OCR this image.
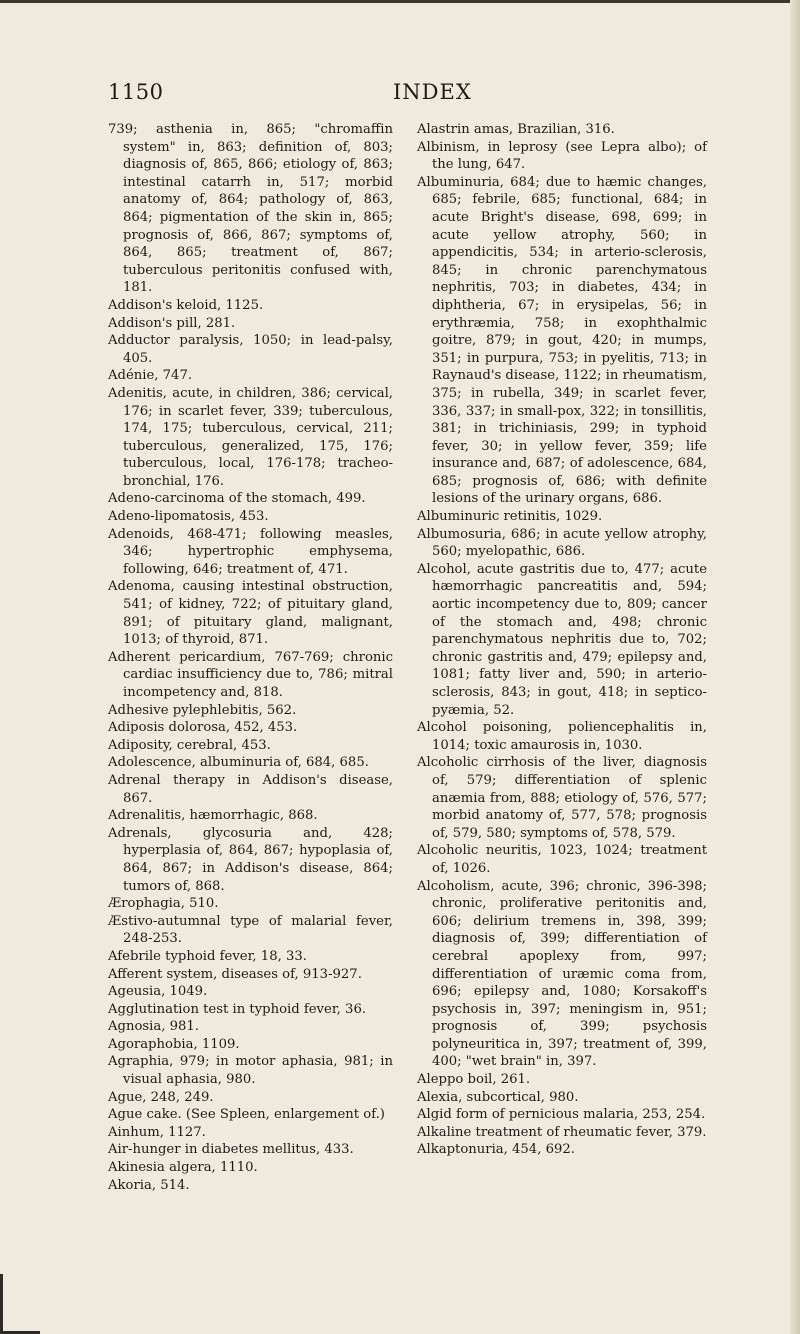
1150	INDEX

739; asthenia in, 865; "chromaffin system" in, 863; definition of, 803; diagnosis of, 865, 866; etiology of, 863; intestinal catarrh in, 517; morbid anatomy of, 864; pathology of, 863, 864; pigmentation of the skin in, 865; prognosis of, 866, 867; symptoms of, 864, 865; treatment of, 867; tuberculous peritonitis confused with, 181.

Addison's keloid, 1125.

Addison's pill, 281.

Adductor paralysis, 1050; in lead-palsy, 405.

Adénie, 747.

Adenitis, acute, in children, 386; cervical, 176; in scarlet fever, 339; tuberculous, 174, 175; tuberculous, cervical, 211; tuberculous, generalized, 175, 176; tuberculous, local, 176-178; tracheo-bronchial, 176.

Adeno-carcinoma of the stomach, 499.

Adeno-lipomatosis, 453.

Adenoids, 468-471; following measles, 346; hypertrophic emphysema, following, 646; treatment of, 471.

Adenoma, causing intestinal obstruction, 541; of kidney, 722; of pituitary gland, 891; of pituitary gland, malignant, 1013; of thyroid, 871.

Adherent pericardium, 767-769; chronic cardiac insufficiency due to, 786; mitral incompetency and, 818.

Adhesive pylephlebitis, 562.

Adiposis dolorosa, 452, 453.

Adiposity, cerebral, 453.

Adolescence, albuminuria of, 684, 685.

Adrenal therapy in Addison's disease, 867.

Adrenalitis, hæmorrhagic, 868.

Adrenals, glycosuria and, 428; hyperplasia of, 864, 867; hypoplasia of, 864, 867; in Addison's disease, 864; tumors of, 868.

Ærophagia, 510.

Æstivo-autumnal type of malarial fever, 248-253.

Afebrile typhoid fever, 18, 33.

Afferent system, diseases of, 913-927.

Ageusia, 1049.

Agglutination test in typhoid fever, 36.

Agnosia, 981.

Agoraphobia, 1109.

Agraphia, 979; in motor aphasia, 981; in visual aphasia, 980.

Ague, 248, 249.

Ague cake. (See Spleen, enlargement of.)

Ainhum, 1127.

Air-hunger in diabetes mellitus, 433.

Akinesia algera, 1110.

Akoria, 514.

Alastrin amas, Brazilian, 316.

Albinism, in leprosy (see Lepra albo); of the lung, 647.

Albuminuria, 684; due to hæmic changes, 685; febrile, 685; functional, 684; in acute Bright's disease, 698, 699; in acute yellow atrophy, 560; in appendicitis, 534; in arterio-sclerosis, 845; in chronic parenchymatous nephritis, 703; in diabetes, 434; in diphtheria, 67; in erysipelas, 56; in erythræmia, 758; in exophthalmic goitre, 879; in gout, 420; in mumps, 351; in purpura, 753; in pyelitis, 713; in Raynaud's disease, 1122; in rheumatism, 375; in rubella, 349; in scarlet fever, 336, 337; in small-pox, 322; in tonsillitis, 381; in trichiniasis, 299; in typhoid fever, 30; in yellow fever, 359; life insurance and, 687; of adolescence, 684, 685; prognosis of, 686; with definite lesions of the urinary organs, 686.

Albuminuric retinitis, 1029.

Albumosuria, 686; in acute yellow atrophy, 560; myelopathic, 686.

Alcohol, acute gastritis due to, 477; acute hæmorrhagic pancreatitis and, 594; aortic incompetency due to, 809; cancer of the stomach and, 498; chronic parenchymatous nephritis due to, 702; chronic gastritis and, 479; epilepsy and, 1081; fatty liver and, 590; in arterio-sclerosis, 843; in gout, 418; in septico-pyæmia, 52.

Alcohol poisoning, poliencephalitis in, 1014; toxic amaurosis in, 1030.

Alcoholic cirrhosis of the liver, diagnosis of, 579; differentiation of splenic anæmia from, 888; etiology of, 576, 577; morbid anatomy of, 577, 578; prognosis of, 579, 580; symptoms of, 578, 579.

Alcoholic neuritis, 1023, 1024; treatment of, 1026.

Alcoholism, acute, 396; chronic, 396-398; chronic, proliferative peritonitis and, 606; delirium tremens in, 398, 399; diagnosis of, 399; differentiation of cerebral apoplexy from, 997; differentiation of uræmic coma from, 696; epilepsy and, 1080; Korsakoff's psychosis in, 397; meningism in, 951; prognosis of, 399; psychosis polyneuritica in, 397; treatment of, 399, 400; "wet brain" in, 397.

Aleppo boil, 261.

Alexia, subcortical, 980.

Algid form of pernicious malaria, 253, 254.

Alkaline treatment of rheumatic fever, 379.

Alkaptonuria, 454, 692.
